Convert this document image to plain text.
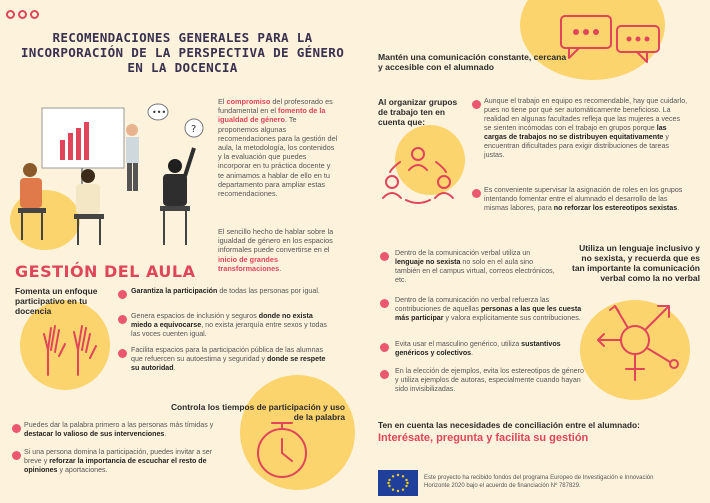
RECOMENDACIONES GENERALES PARA LA INCORPORACIÓN DE LA PERSPECTIVA DE GÉNERO EN LA DOCENCIA
•••
?
El compromiso del profesorado es fundamental en el fomento de la igualdad de género. Te proponemos algunas recomendaciones para la gestión del aula, la metodología, los contenidos y la evaluación que puedes incorporar en tu práctica docente y te animamos a hablar de ello en tu departamento para ampliar estas recomendaciones.
El sencillo hecho de hablar sobre la igualdad de género en los espacios informales puede convertirse en el inicio de grandes transformaciones.
GESTIÓN DEL AULA
Fomenta un enfoque participativo en tu docencia
Garantiza la participación de todas las personas por igual.
Genera espacios de inclusión y seguros donde no exista miedo a equivocarse, no exista jerarquía entre sexos y todas las voces cuenten igual.
Facilita espacios para la participación pública de las alumnas que refuercen su autoestima y seguridad y donde se respete su autoridad.
Controla los tiempos de participación y uso de la palabra
Puedes dar la palabra primero a las personas más tímidas y destacar lo valioso de sus intervenciones.
Si una persona domina la participación, puedes invitar a ser breve y reforzar la importancia de escuchar el resto de opiniones y aportaciones.
Mantén una comunicación constante, cercana y accesible con el alumnado
Al organizar grupos de trabajo ten en cuenta que:
Aunque el trabajo en equipo es recomendable, hay que cuidarlo, pues no tiene por qué ser automáticamente beneficioso. La realidad en algunas facultades refleja que las mujeres a veces se sienten incómodas con el trabajo en grupos porque las cargas de trabajos no se distribuyen equitativamente y encuentran dificultades para exigir distribuciones de tareas justas.
Es conveniente supervisar la asignación de roles en los grupos intentando fomentar entre el alumnado el desarrollo de las mismas labores, para no reforzar los estereotipos sexistas.
Utiliza un lenguaje inclusivo y no sexista, y recuerda que es tan importante la comunicación verbal como la no verbal
Dentro de la comunicación verbal utiliza un lenguaje no sexista no solo en el aula sino también en el campus virtual, correos electrónicos, etc.
Dentro de la comunicación no verbal refuerza las contribuciones de aquellas personas a las que les cuesta más participar y valora explícitamente sus contribuciones.
Evita usar el masculino genérico, utiliza sustantivos genéricos y colectivos.
En la elección de ejemplos, evita los estereotipos de género y utiliza ejemplos de autoras, especialmente cuando hayan sido invisibilizadas.
Ten en cuenta las necesidades de conciliación entre el alumnado:
Interésate, pregunta y facilita su gestión
Este proyecto ha recibido fondos del programa Europeo de Investigación e Innovación Horizonte 2020 bajo el acuerdo de financiación Nº 787829.
